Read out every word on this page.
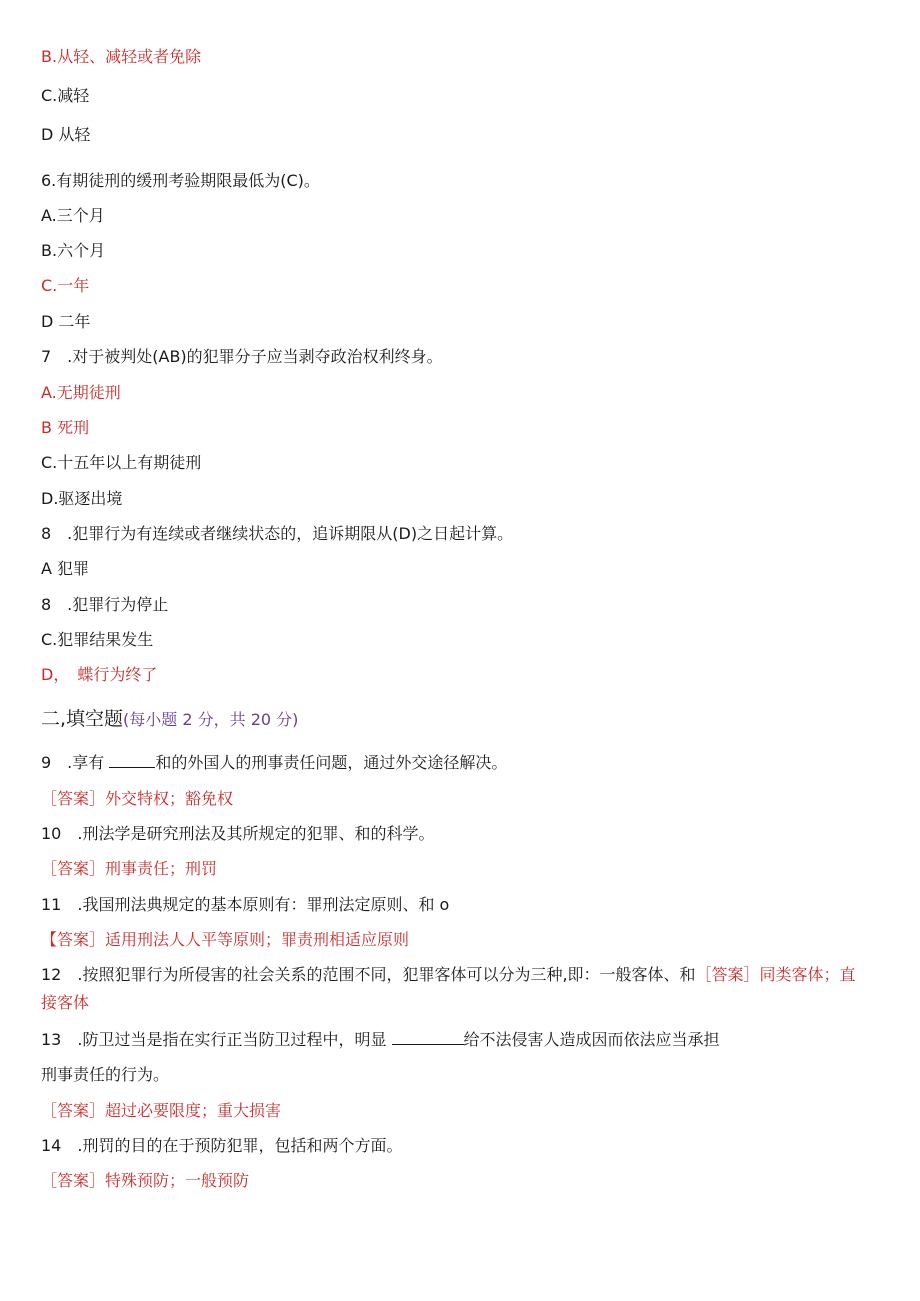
B.从轻、减轻或者免除
C.减轻
D 从轻
6.有期徒刑的缓刑考验期限最低为(C)。
A.三个月
B.六个月
C.一年
D 二年
7　.对于被判处(AB)的犯罪分子应当剥夺政治权利终身。
A.无期徒刑
B 死刑
C.十五年以上有期徒刑
D.驱逐出境
8　.犯罪行为有连续或者继续状态的，追诉期限从(D)之日起计算。
A 犯罪
8　.犯罪行为停止
C.犯罪结果发生
D，　蝶行为终了
二,填空题(每小题 2 分，共 20 分)
9　.享有	和的外国人的刑事责任问题，通过外交途径解决。
［答案］外交特权；豁免权
10　.刑法学是研究刑法及其所规定的犯罪、和的科学。
［答案］刑事责任；刑罚
11　.我国刑法典规定的基本原则有：罪刑法定原则、和 o
【答案］适用刑法人人平等原则；罪责刑相适应原则
12　.按照犯罪行为所侵害的社会关系的范围不同，犯罪客体可以分为三种,即：一般客体、和［答案］同类客体；直接客体
13　.防卫过当是指在实行正当防卫过程中，明显	给不法侵害人造成因而依法应当承担
刑事责任的行为。
［答案］超过必要限度；重大损害
14　.刑罚的目的在于预防犯罪，包括和两个方面。
［答案］特殊预防；一般预防
